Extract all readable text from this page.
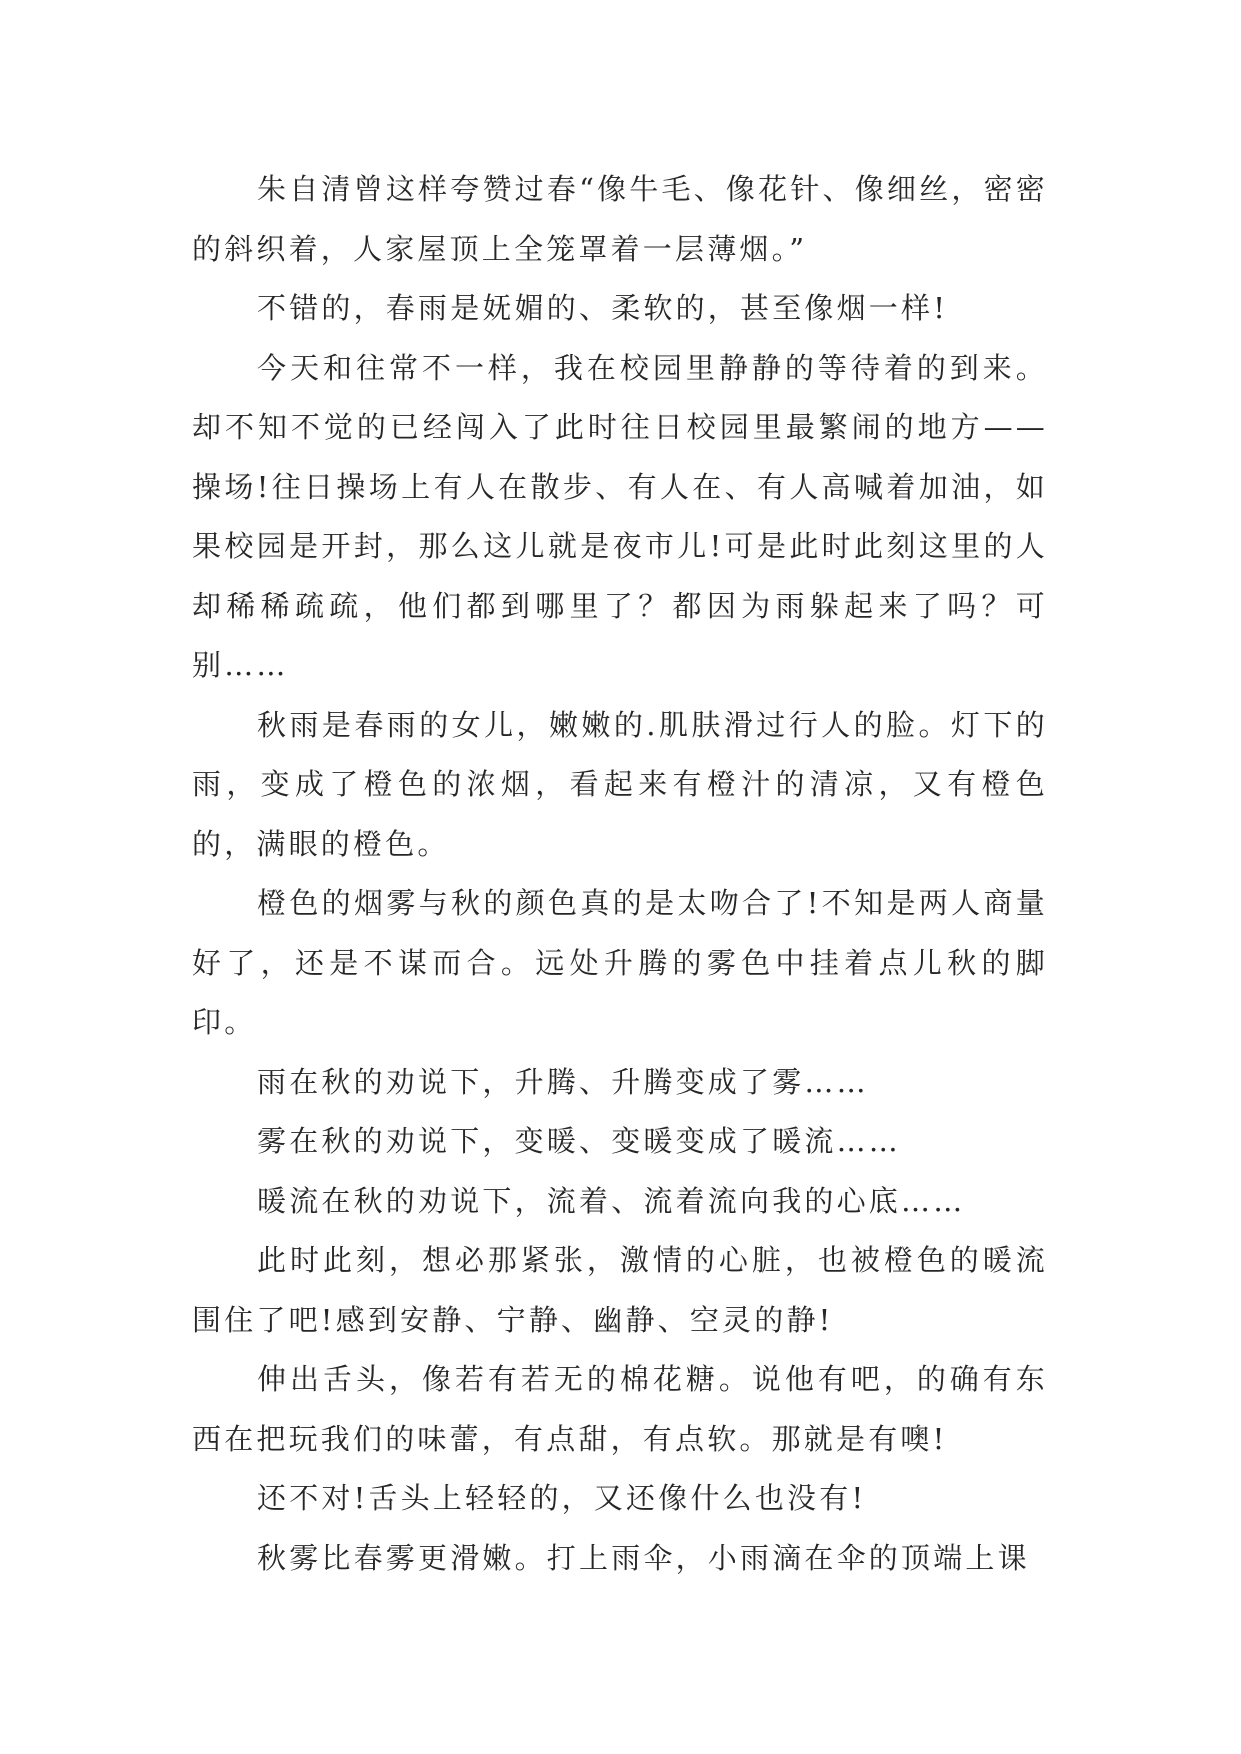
朱自清曾这样夸赞过春“像牛毛、像花针、像细丝，密密的斜织着，人家屋顶上全笼罩着一层薄烟。”

不错的，春雨是妩媚的、柔软的，甚至像烟一样!

今天和往常不一样，我在校园里静静的等待着的到来。却不知不觉的已经闯入了此时往日校园里最繁闹的地方——操场!往日操场上有人在散步、有人在、有人高喊着加油，如果校园是开封，那么这儿就是夜市儿!可是此时此刻这里的人却稀稀疏疏，他们都到哪里了？都因为雨躲起来了吗？可别……

秋雨是春雨的女儿，嫩嫩的.肌肤滑过行人的脸。灯下的雨，变成了橙色的浓烟，看起来有橙汁的清凉，又有橙色的，满眼的橙色。

橙色的烟雾与秋的颜色真的是太吻合了!不知是两人商量好了，还是不谋而合。远处升腾的雾色中挂着点儿秋的脚印。

雨在秋的劝说下，升腾、升腾变成了雾……

雾在秋的劝说下，变暖、变暖变成了暖流……

暖流在秋的劝说下，流着、流着流向我的心底……

此时此刻，想必那紧张，激情的心脏，也被橙色的暖流围住了吧!感到安静、宁静、幽静、空灵的静!

伸出舌头，像若有若无的棉花糖。说他有吧，的确有东西在把玩我们的味蕾，有点甜，有点软。那就是有噢!

还不对!舌头上轻轻的，又还像什么也没有!

秋雾比春雾更滑嫩。打上雨伞，小雨滴在伞的顶端上课
